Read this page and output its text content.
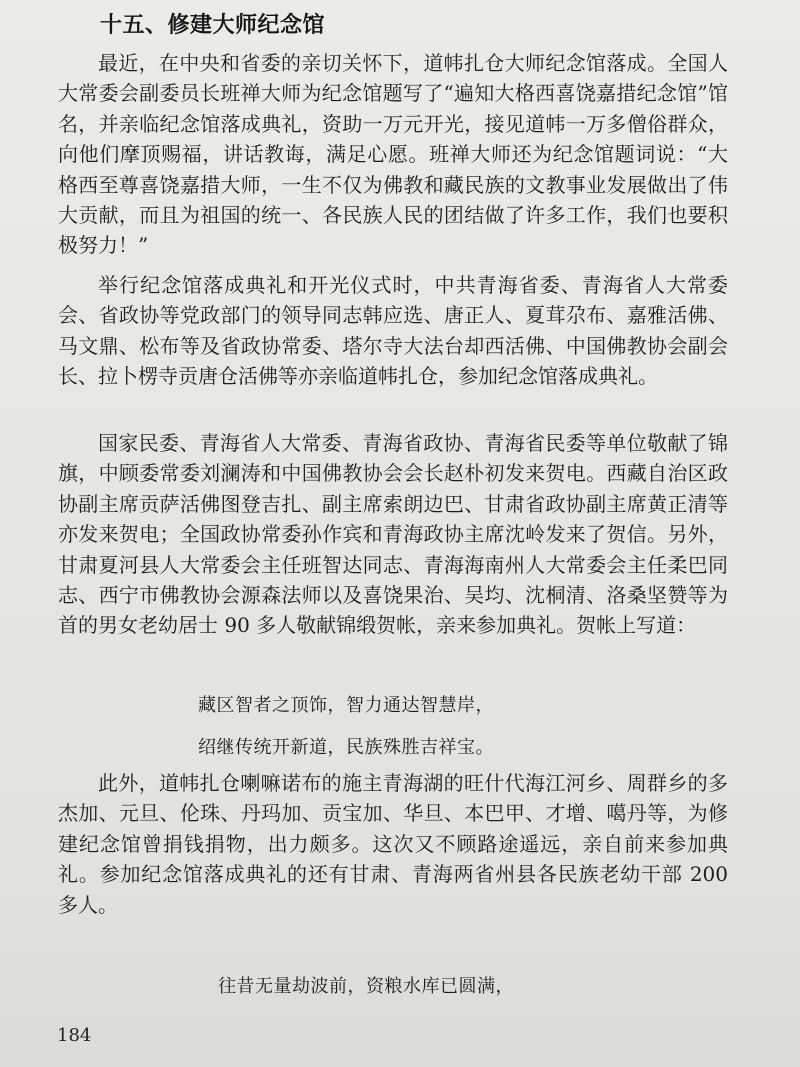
十五、修建大师纪念馆
最近，在中央和省委的亲切关怀下，道帏扎仓大师纪念馆落成。全国人大常委会副委员长班禅大师为纪念馆题写了“遍知大格西喜饶嘉措纪念馆”馆名，并亲临纪念馆落成典礼，资助一万元开光，接见道帏一万多僧俗群众，向他们摩顶赐福，讲话教诲，满足心愿。班禅大师还为纪念馆题词说：“大格西至尊喜饶嘉措大师，一生不仅为佛教和藏民族的文教事业发展做出了伟大贡献，而且为祖国的统一、各民族人民的团结做了许多工作，我们也要积极努力！”
举行纪念馆落成典礼和开光仪式时，中共青海省委、青海省人大常委会、省政协等党政部门的领导同志韩应选、唐正人、夏茸尕布、嘉雅活佛、马文鼎、松布等及省政协常委、塔尔寺大法台却西活佛、中国佛教协会副会长、拉卜楞寺贡唐仓活佛等亦亲临道帏扎仓，参加纪念馆落成典礼。
国家民委、青海省人大常委、青海省政协、青海省民委等单位敬献了锦旗，中顾委常委刘澜涛和中国佛教协会会长赵朴初发来贺电。西藏自治区政协副主席贡萨活佛图登吉扎、副主席索朗边巴、甘肃省政协副主席黄正清等亦发来贺电；全国政协常委孙作宾和青海政协主席沈岭发来了贺信。另外，甘肃夏河县人大常委会主任班智达同志、青海海南州人大常委会主任柔巴同志、西宁市佛教协会源森法师以及喜饶果治、吴均、沈桐清、洛桑坚赞等为首的男女老幼居士 90 多人敬献锦缎贺帐，亲来参加典礼。贺帐上写道：
藏区智者之顶饰，智力通达智慧岸，
绍继传统开新道，民族殊胜吉祥宝。
此外，道帏扎仓喇嘛诺布的施主青海湖的旺什代海江河乡、周群乡的多杰加、元旦、伦珠、丹玛加、贡宝加、华旦、本巴甲、才增、噶丹等，为修建纪念馆曾捐钱捐物，出力颇多。这次又不顾路途遥远，亲自前来参加典礼。参加纪念馆落成典礼的还有甘肃、青海两省州县各民族老幼干部 200 多人。
往昔无量劫波前，资粮水库已圆满，
184
